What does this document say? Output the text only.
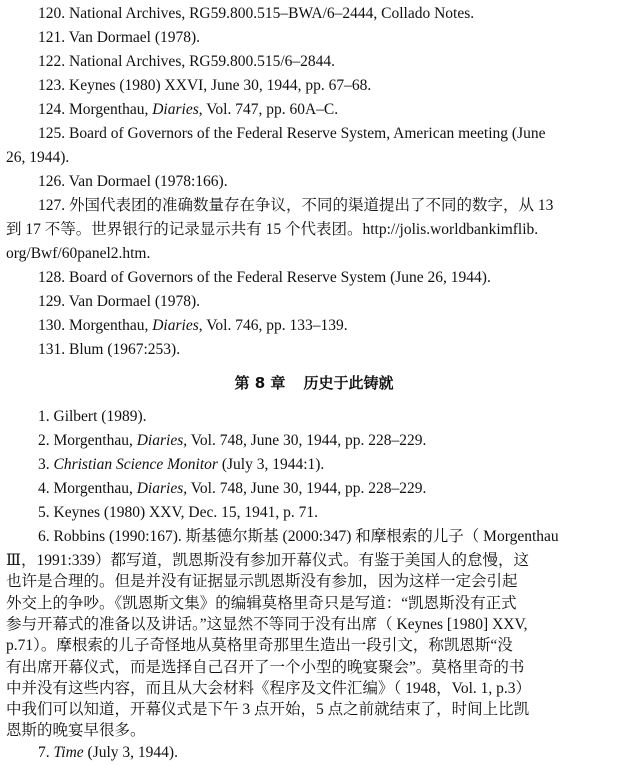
120. National Archives, RG59.800.515–BWA/6–2444, Collado Notes.
121. Van Dormael (1978).
122. National Archives, RG59.800.515/6–2844.
123. Keynes (1980) XXVI, June 30, 1944, pp. 67–68.
124. Morgenthau, Diaries, Vol. 747, pp. 60A–C.
125. Board of Governors of the Federal Reserve System, American meeting (June
26, 1944).
126. Van Dormael (1978:166).
127. 外国代表团的准确数量存在争议，不同的渠道提出了不同的数字，从 13
到 17 不等。世界银行的记录显示共有 15 个代表团。http://jolis.worldbankimflib.
org/Bwf/60panel2.htm.
128. Board of Governors of the Federal Reserve System (June 26, 1944).
129. Van Dormael (1978).
130. Morgenthau, Diaries, Vol. 746, pp. 133–139.
131. Blum (1967:253).
第 8 章 历史于此铸就
1. Gilbert (1989).
2. Morgenthau, Diaries, Vol. 748, June 30, 1944, pp. 228–229.
3. Christian Science Monitor (July 3, 1944:1).
4. Morgenthau, Diaries, Vol. 748, June 30, 1944, pp. 228–229.
5. Keynes (1980) XXV, Dec. 15, 1941, p. 71.
6. Robbins (1990:167). 斯基德尔斯基 (2000:347) 和摩根索的儿子（ Morgenthau
Ⅲ，1991:339）都写道，凯恩斯没有参加开幕仪式。有鉴于美国人的怠慢，这
也许是合理的。但是并没有证据显示凯恩斯没有参加，因为这样一定会引起
外交上的争吵。《凯恩斯文集》的编辑莫格里奇只是写道：“凯恩斯没有正式
参与开幕式的准备以及讲话。”这显然不等同于没有出席（ Keynes [1980] XXV,
p.71）。摩根索的儿子奇怪地从莫格里奇那里生造出一段引文，称凯恩斯“没
有出席开幕仪式，而是选择自己召开了一个小型的晚宴聚会”。莫格里奇的书
中并没有这些内容，而且从大会材料《程序及文件汇编》（ 1948，Vol. 1, p.3）
中我们可以知道，开幕仪式是下午 3 点开始，5 点之前就结束了，时间上比凯
恩斯的晚宴早很多。
7. Time (July 3, 1944).
